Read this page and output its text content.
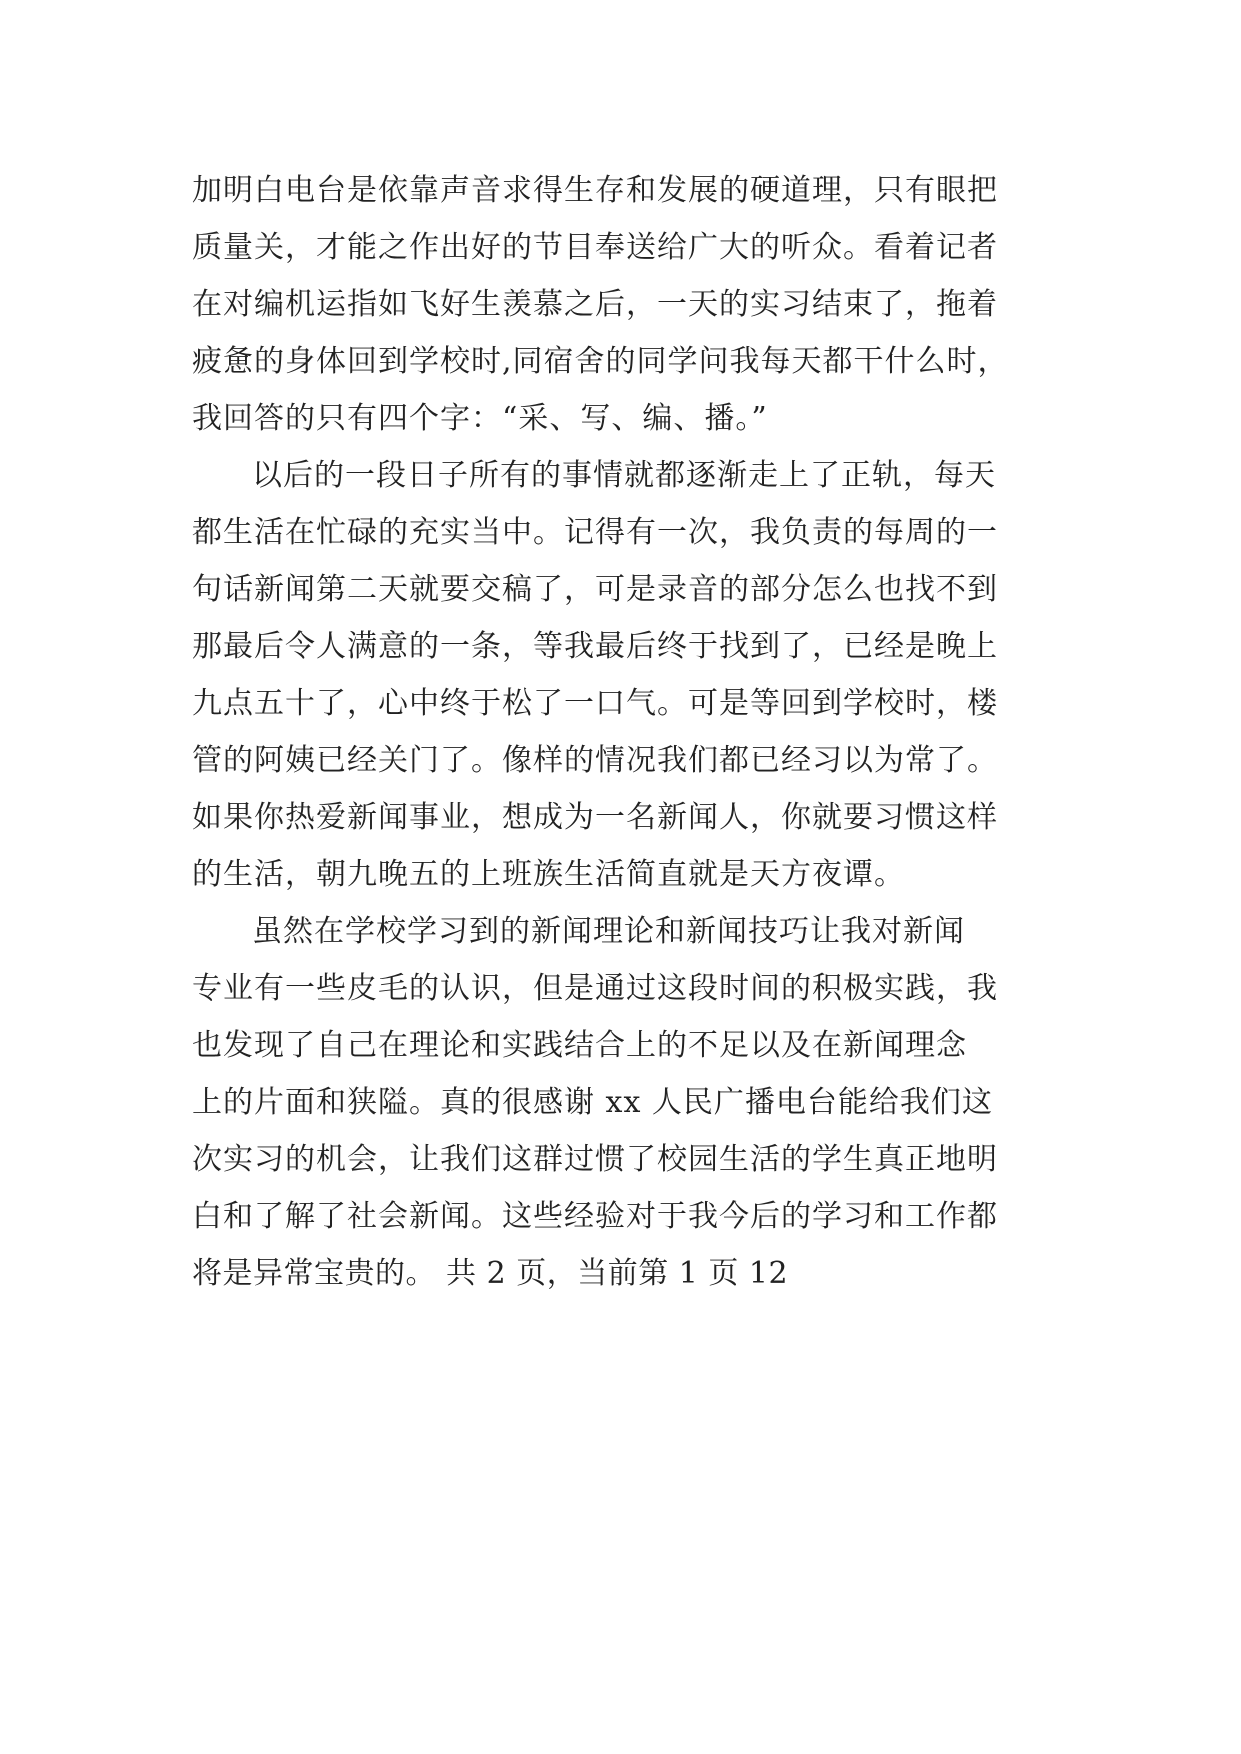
加明白电台是依靠声音求得生存和发展的硬道理，只有眼把
质量关，才能之作出好的节目奉送给广大的听众。看着记者
在对编机运指如飞好生羡慕之后，一天的实习结束了，拖着
疲惫的身体回到学校时,同宿舍的同学问我每天都干什么时，
我回答的只有四个字：“采、写、编、播。”
以后的一段日子所有的事情就都逐渐走上了正轨，每天
都生活在忙碌的充实当中。记得有一次，我负责的每周的一
句话新闻第二天就要交稿了，可是录音的部分怎么也找不到
那最后令人满意的一条，等我最后终于找到了，已经是晚上
九点五十了，心中终于松了一口气。可是等回到学校时，楼
管的阿姨已经关门了。像样的情况我们都已经习以为常了。
如果你热爱新闻事业，想成为一名新闻人，你就要习惯这样
的生活，朝九晚五的上班族生活简直就是天方夜谭。
虽然在学校学习到的新闻理论和新闻技巧让我对新闻
专业有一些皮毛的认识，但是通过这段时间的积极实践，我
也发现了自己在理论和实践结合上的不足以及在新闻理念
上的片面和狭隘。真的很感谢 xx 人民广播电台能给我们这
次实习的机会，让我们这群过惯了校园生活的学生真正地明
白和了解了社会新闻。这些经验对于我今后的学习和工作都
将是异常宝贵的。 共 2 页，当前第 1 页 12
